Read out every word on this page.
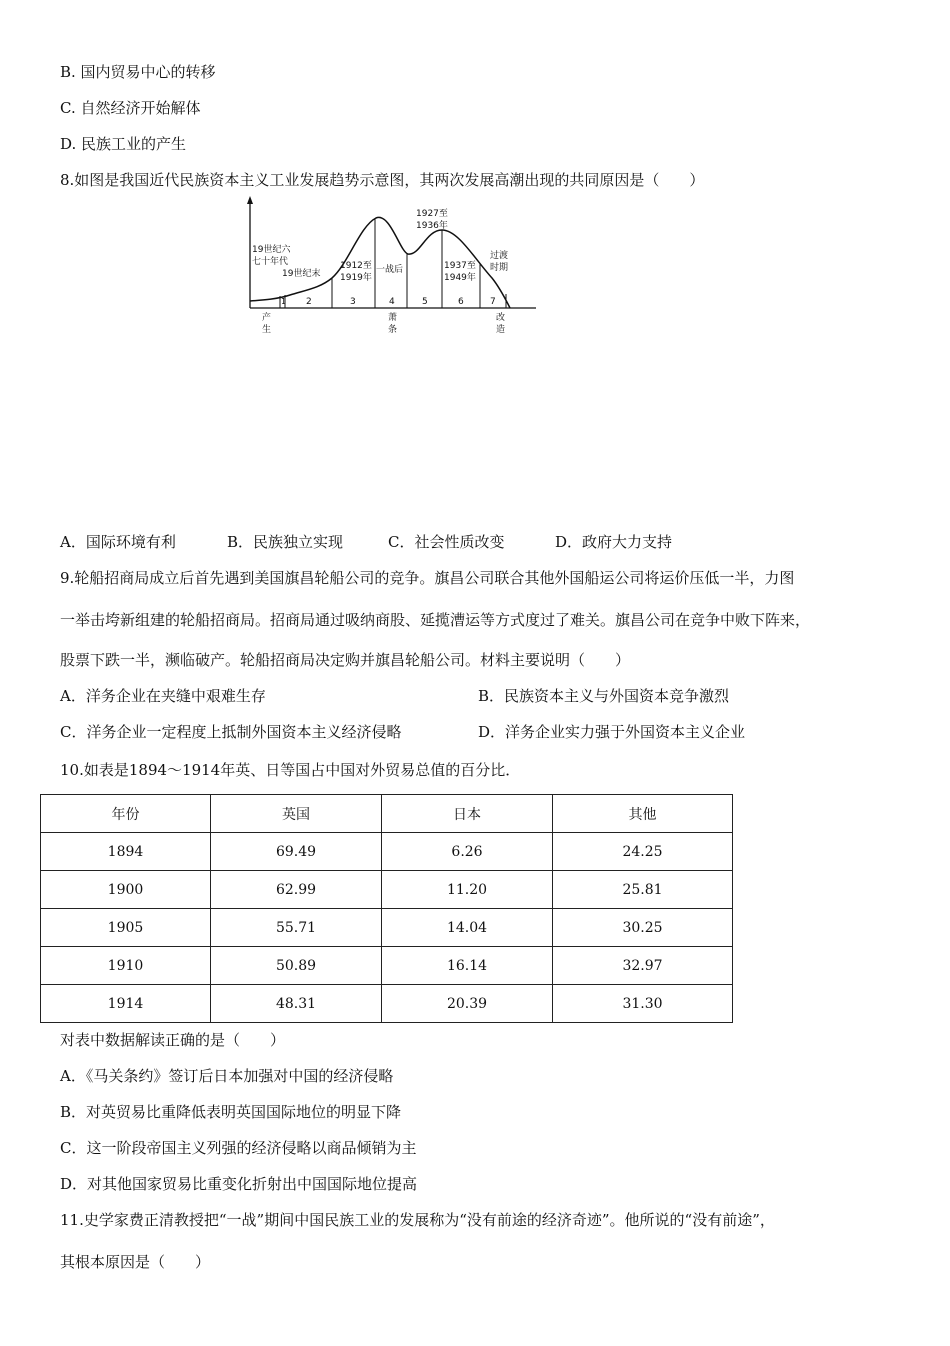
B. 国内贸易中心的转移
C. 自然经济开始解体
D. 民族工业的产生
8.如图是我国近代民族资本主义工业发展趋势示意图，其两次发展高潮出现的共同原因是（　　）
19世纪六
七十年代
19世纪末
1912至
1919年
一战后
1927至
1936年
1937至
1949年
过渡
时期
1 2	3	4	5	6	7
产
生
萧
条
改
造
A．国际环境有利	B．民族独立实现	C．社会性质改变	D．政府大力支持
9.轮船招商局成立后首先遇到美国旗昌轮船公司的竞争。旗昌公司联合其他外国船运公司将运价压低一半，力图
一举击垮新组建的轮船招商局。招商局通过吸纳商股、延揽漕运等方式度过了难关。旗昌公司在竞争中败下阵来，
股票下跌一半，濒临破产。轮船招商局决定购并旗昌轮船公司。材料主要说明（　　）
A．洋务企业在夹缝中艰难生存	B．民族资本主义与外国资本竞争激烈
C．洋务企业一定程度上抵制外国资本主义经济侵略	D．洋务企业实力强于外国资本主义企业
10.如表是1894～1914年英、日等国占中国对外贸易总值的百分比．
年份	英国	日本	其他
1894	69.49	6.26	24.25
1900	62.99	11.20	25.81
1905	55.71	14.04	30.25
1910	50.89	16.14	32.97
1914	48.31	20.39	31.30
对表中数据解读正确的是（　　）
A．《马关条约》签订后日本加强对中国的经济侵略
B．对英贸易比重降低表明英国国际地位的明显下降
C．这一阶段帝国主义列强的经济侵略以商品倾销为主
D．对其他国家贸易比重变化折射出中国国际地位提高
11.史学家费正清教授把“一战”期间中国民族工业的发展称为“没有前途的经济奇迹”。他所说的“没有前途”，
其根本原因是（　　）
